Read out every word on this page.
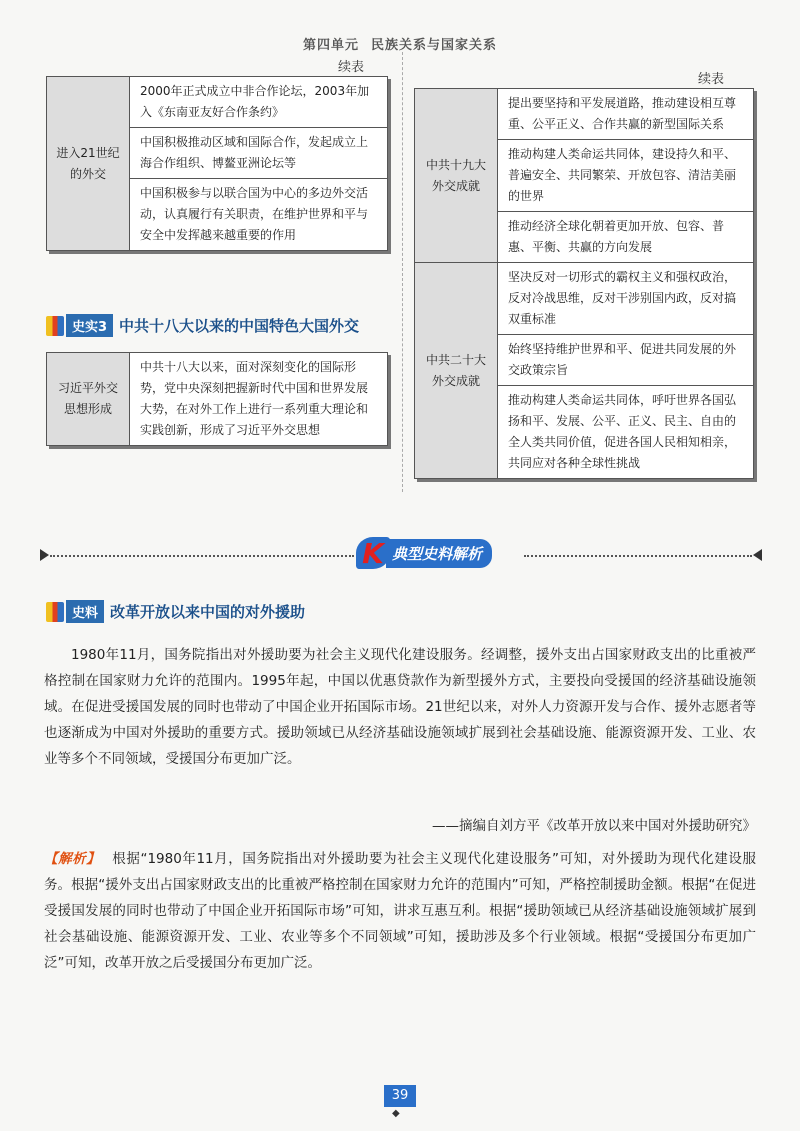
第四单元 民族关系与国家关系
续表
续表
进入21世纪的外交	2000年正式成立中非合作论坛，2003年加入《东南亚友好合作条约》
中国积极推动区域和国际合作，发起成立上海合作组织、博鳌亚洲论坛等
中国积极参与以联合国为中心的多边外交活动，认真履行有关职责，在维护世界和平与安全中发挥越来越重要的作用
史实3 中共十八大以来的中国特色大国外交
习近平外交思想形成	中共十八大以来，面对深刻变化的国际形势，党中央深刻把握新时代中国和世界发展大势，在对外工作上进行一系列重大理论和实践创新，形成了习近平外交思想
中共十九大外交成就	提出要坚持和平发展道路，推动建设相互尊重、公平正义、合作共赢的新型国际关系
	推动构建人类命运共同体，建设持久和平、普遍安全、共同繁荣、开放包容、清洁美丽的世界
	推动经济全球化朝着更加开放、包容、普惠、平衡、共赢的方向发展
中共二十大外交成就	坚决反对一切形式的霸权主义和强权政治，反对冷战思维，反对干涉别国内政，反对搞双重标准
	始终坚持维护世界和平、促进共同发展的外交政策宗旨
	推动构建人类命运共同体，呼吁世界各国弘扬和平、发展、公平、正义、民主、自由的全人类共同价值，促进各国人民相知相亲，共同应对各种全球性挑战
K 典型史料解析
史料 改革开放以来中国的对外援助

1980年11月，国务院指出对外援助要为社会主义现代化建设服务。经调整，援外支出占国家财政支出的比重被严格控制在国家财力允许的范围内。1995年起，中国以优惠贷款作为新型援外方式，主要投向受援国的经济基础设施领域。在促进受援国发展的同时也带动了中国企业开拓国际市场。21世纪以来，对外人力资源开发与合作、援外志愿者等也逐渐成为中国对外援助的重要方式。援助领域已从经济基础设施领域扩展到社会基础设施、能源资源开发、工业、农业等多个不同领域，受援国分布更加广泛。

——摘编自刘方平《改革开放以来中国对外援助研究》
【解析】 根据“1980年11月，国务院指出对外援助要为社会主义现代化建设服务”可知，对外援助为现代化建设服务。根据“援外支出占国家财政支出的比重被严格控制在国家财力允许的范围内”可知，严格控制援助金额。根据“在促进受援国发展的同时也带动了中国企业开拓国际市场”可知，讲求互惠互利。根据“援助领域已从经济基础设施领域扩展到社会基础设施、能源资源开发、工业、农业等多个不同领域”可知，援助涉及多个行业领域。根据“受援国分布更加广泛”可知，改革开放之后受援国分布更加广泛。
39
◆
